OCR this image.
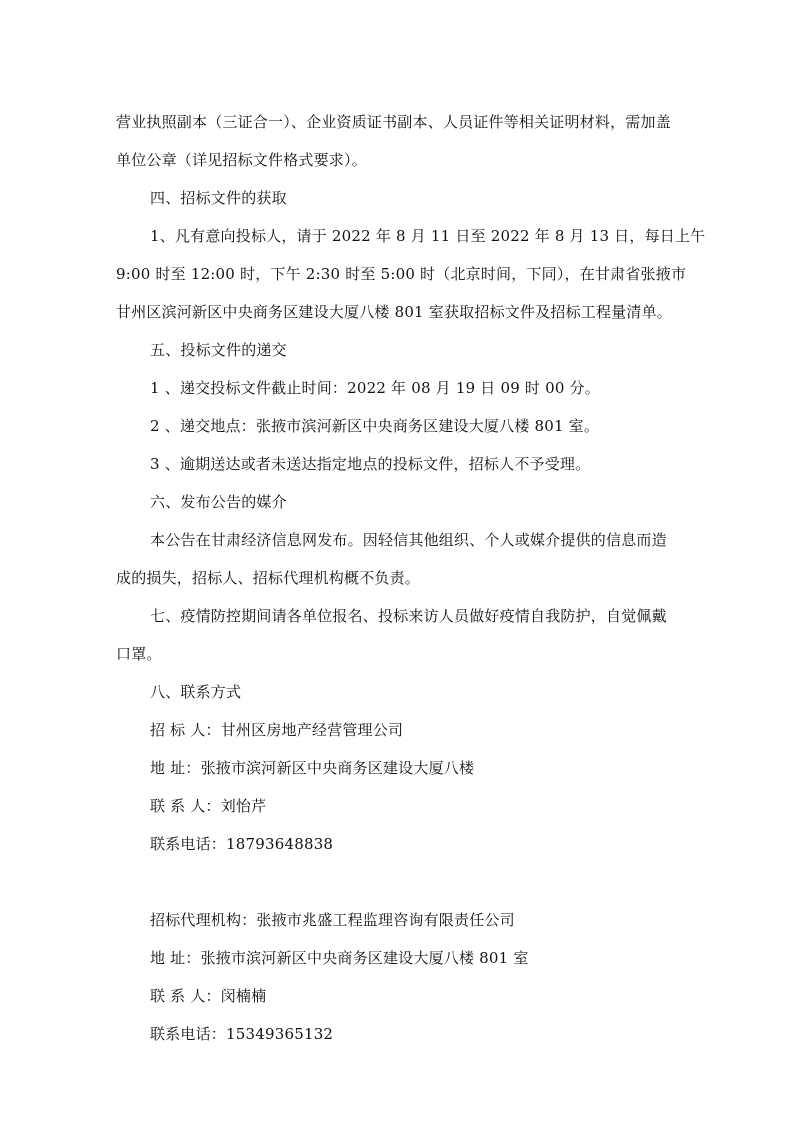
营业执照副本（三证合一）、企业资质证书副本、人员证件等相关证明材料，需加盖
单位公章（详见招标文件格式要求）。
四、招标文件的获取
1、凡有意向投标人，请于 2022 年 8 月 11 日至 2022 年 8 月 13 日，每日上午
9:00 时至 12:00 时，下午 2:30 时至 5:00 时（北京时间，下同），在甘肃省张掖市
甘州区滨河新区中央商务区建设大厦八楼 801 室获取招标文件及招标工程量清单。
五、投标文件的递交
1 、递交投标文件截止时间：2022 年 08 月 19 日 09 时 00 分。
2 、递交地点：张掖市滨河新区中央商务区建设大厦八楼 801 室。
3 、逾期送达或者未送达指定地点的投标文件，招标人不予受理。
六、发布公告的媒介
本公告在甘肃经济信息网发布。因轻信其他组织、个人或媒介提供的信息而造
成的损失，招标人、招标代理机构概不负责。
七、疫情防控期间请各单位报名、投标来访人员做好疫情自我防护，自觉佩戴
口罩。
八、联系方式
招 标 人：甘州区房地产经营管理公司
地 址：张掖市滨河新区中央商务区建设大厦八楼
联 系 人：刘怡芹
联系电话：18793648838
招标代理机构：张掖市兆盛工程监理咨询有限责任公司
地 址：张掖市滨河新区中央商务区建设大厦八楼 801 室
联 系 人：闵楠楠
联系电话：15349365132
